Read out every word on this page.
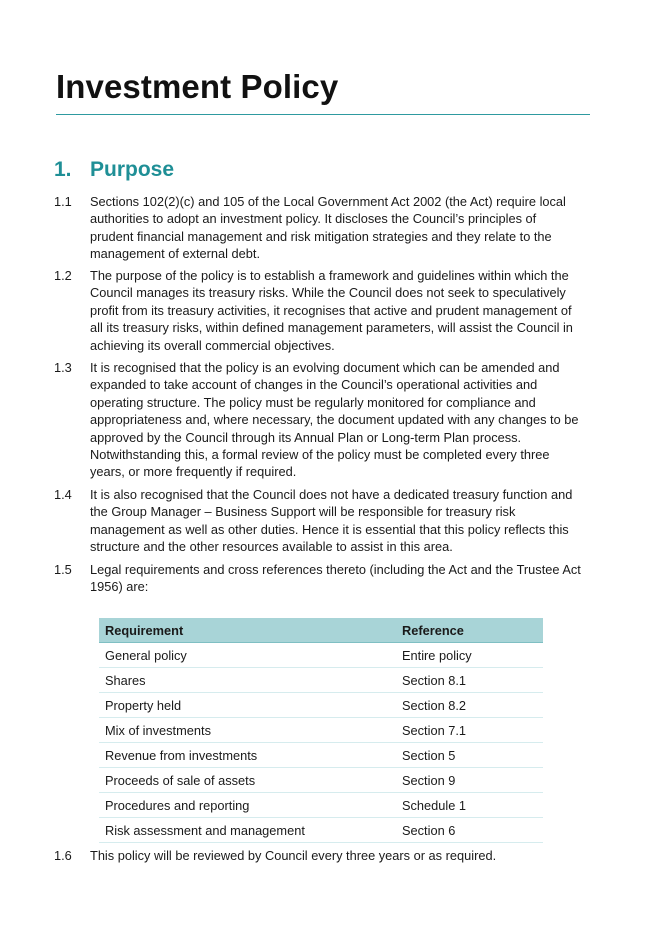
Investment Policy
1. Purpose
1.1 Sections 102(2)(c) and 105 of the Local Government Act 2002 (the Act) require local
authorities to adopt an investment policy. It discloses the Council’s principles of
prudent financial management and risk mitigation strategies and they relate to the
management of external debt.
1.2 The purpose of the policy is to establish a framework and guidelines within which the
Council manages its treasury risks. While the Council does not seek to speculatively
profit from its treasury activities, it recognises that active and prudent management of
all its treasury risks, within defined management parameters, will assist the Council in
achieving its overall commercial objectives.
1.3 It is recognised that the policy is an evolving document which can be amended and
expanded to take account of changes in the Council’s operational activities and
operating structure. The policy must be regularly monitored for compliance and
appropriateness and, where necessary, the document updated with any changes to be
approved by the Council through its Annual Plan or Long-term Plan process.
Notwithstanding this, a formal review of the policy must be completed every three
years, or more frequently if required.
1.4 It is also recognised that the Council does not have a dedicated treasury function and
the Group Manager – Business Support will be responsible for treasury risk
management as well as other duties. Hence it is essential that this policy reflects this
structure and the other resources available to assist in this area.
1.5 Legal requirements and cross references thereto (including the Act and the Trustee Act
1956) are:
Requirement	Reference
General policy	Entire policy
Shares	Section 8.1
Property held	Section 8.2
Mix of investments	Section 7.1
Revenue from investments	Section 5
Proceeds of sale of assets	Section 9
Procedures and reporting	Schedule 1
Risk assessment and management	Section 6
1.6 This policy will be reviewed by Council every three years or as required.
